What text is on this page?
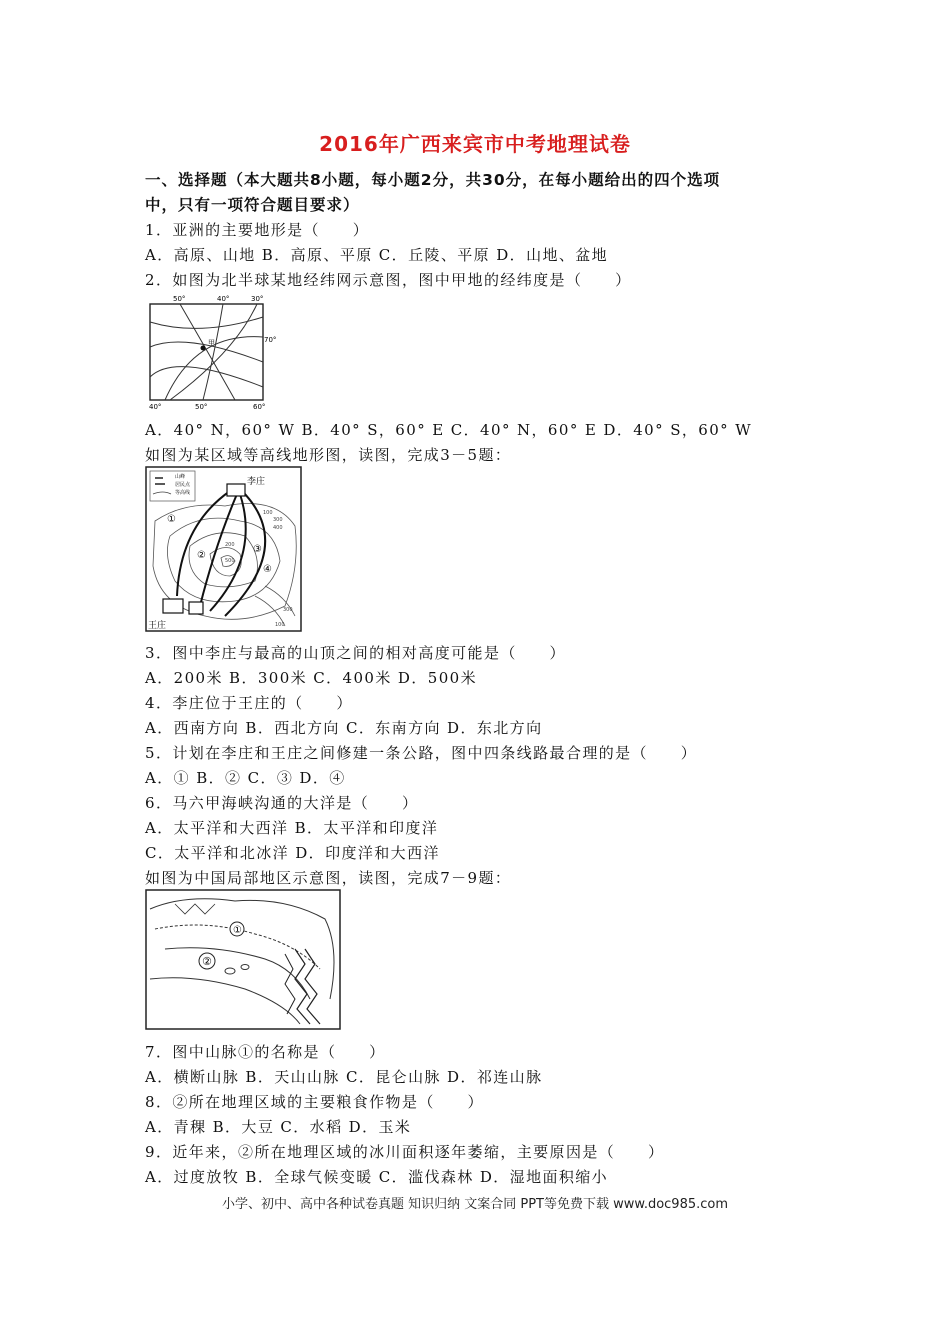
2016年广西来宾市中考地理试卷
一、选择题（本大题共8小题，每小题2分，共30分，在每小题给出的四个选项
中，只有一项符合题目要求）
1．亚洲的主要地形是（　　）
A．高原、山地 B．高原、平原 C．丘陵、平原 D．山地、盆地
2．如图为北半球某地经纬网示意图，图中甲地的经纬度是（　　）
50°	40°	30°
甲	70°
40°	50°	60°
A．40° N，60° W B．40° S，60° E C．40° N，60° E D．40° S，60° W
如图为某区域等高线地形图，读图，完成3－5题：
山峰
居民点
等高线
200
300
400
500
100
300
100
李庄
王庄
①
②
③
④
3．图中李庄与最高的山顶之间的相对高度可能是（　　）
A．200米 B．300米 C．400米 D．500米
4．李庄位于王庄的（　　）
A．西南方向 B．西北方向 C．东南方向 D．东北方向
5．计划在李庄和王庄之间修建一条公路，图中四条线路最合理的是（　　）
A．① B．② C．③ D．④
6．马六甲海峡沟通的大洋是（　　）
A．太平洋和大西洋 B．太平洋和印度洋
C．太平洋和北冰洋 D．印度洋和大西洋
如图为中国局部地区示意图，读图，完成7－9题：
①
②
7．图中山脉①的名称是（　　）
A．横断山脉 B．天山山脉 C．昆仑山脉 D．祁连山脉
8．②所在地理区域的主要粮食作物是（　　）
A．青稞 B．大豆 C．水稻 D．玉米
9．近年来，②所在地理区域的冰川面积逐年萎缩，主要原因是（　　）
A．过度放牧 B．全球气候变暖 C．滥伐森林 D．湿地面积缩小
小学、初中、高中各种试卷真题 知识归纳 文案合同 PPT等免费下载 www.doc985.com
